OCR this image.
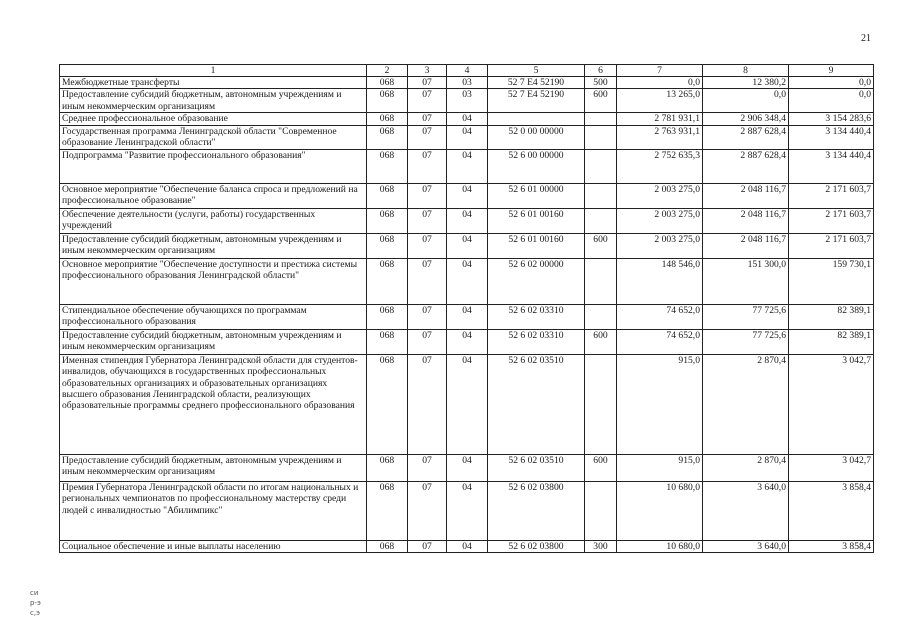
21
1	2	3	4	5	6	7	8	9
Межбюджетные трансферты	068	07	03	52 7 E4 52190	500	0,0	12 380,2	0,0
Предоставление субсидий бюджетным, автономным учреждениям и иным некоммерческим организациям	068	07	03	52 7 E4 52190	600	13 265,0	0,0	0,0
Среднее профессиональное образование	068	07	04			2 781 931,1	2 906 348,4	3 154 283,6
Государственная программа Ленинградской области "Современное образование Ленинградской области"	068	07	04	52 0 00 00000		2 763 931,1	2 887 628,4	3 134 440,4
Подпрограмма "Развитие профессионального образования"	068	07	04	52 6 00 00000		2 752 635,3	2 887 628,4	3 134 440,4
Основное мероприятие "Обеспечение баланса спроса и предложений на профессиональное образование"	068	07	04	52 6 01 00000		2 003 275,0	2 048 116,7	2 171 603,7
Обеспечение деятельности (услуги, работы) государственных учреждений	068	07	04	52 6 01 00160		2 003 275,0	2 048 116,7	2 171 603,7
Предоставление субсидий бюджетным, автономным учреждениям и иным некоммерческим организациям	068	07	04	52 6 01 00160	600	2 003 275,0	2 048 116,7	2 171 603,7
Основное мероприятие "Обеспечение доступности и престижа системы профессионального образования Ленинградской области"	068	07	04	52 6 02 00000		148 546,0	151 300,0	159 730,1
Стипендиальное обеспечение обучающихся по программам профессионального образования	068	07	04	52 6 02 03310		74 652,0	77 725,6	82 389,1
Предоставление субсидий бюджетным, автономным учреждениям и иным некоммерческим организациям	068	07	04	52 6 02 03310	600	74 652,0	77 725,6	82 389,1
Именная стипендия Губернатора Ленинградской области для студентов-инвалидов, обучающихся в государственных профессиональных образовательных организациях и образовательных организациях высшего образования Ленинградской области, реализующих образовательные программы среднего профессионального образования	068	07	04	52 6 02 03510		915,0	2 870,4	3 042,7
Предоставление субсидий бюджетным, автономным учреждениям и иным некоммерческим организациям	068	07	04	52 6 02 03510	600	915,0	2 870,4	3 042,7
Премия Губернатора Ленинградской области по итогам национальных и региональных чемпионатов по профессиональному мастерству среди людей с инвалидностью "Абилимпикс"	068	07	04	52 6 02 03800		10 680,0	3 640,0	3 858,4
Социальное обеспечение и иные выплаты населению	068	07	04	52 6 02 03800	300	10 680,0	3 640,0	3 858,4
си
р-э
с,э
